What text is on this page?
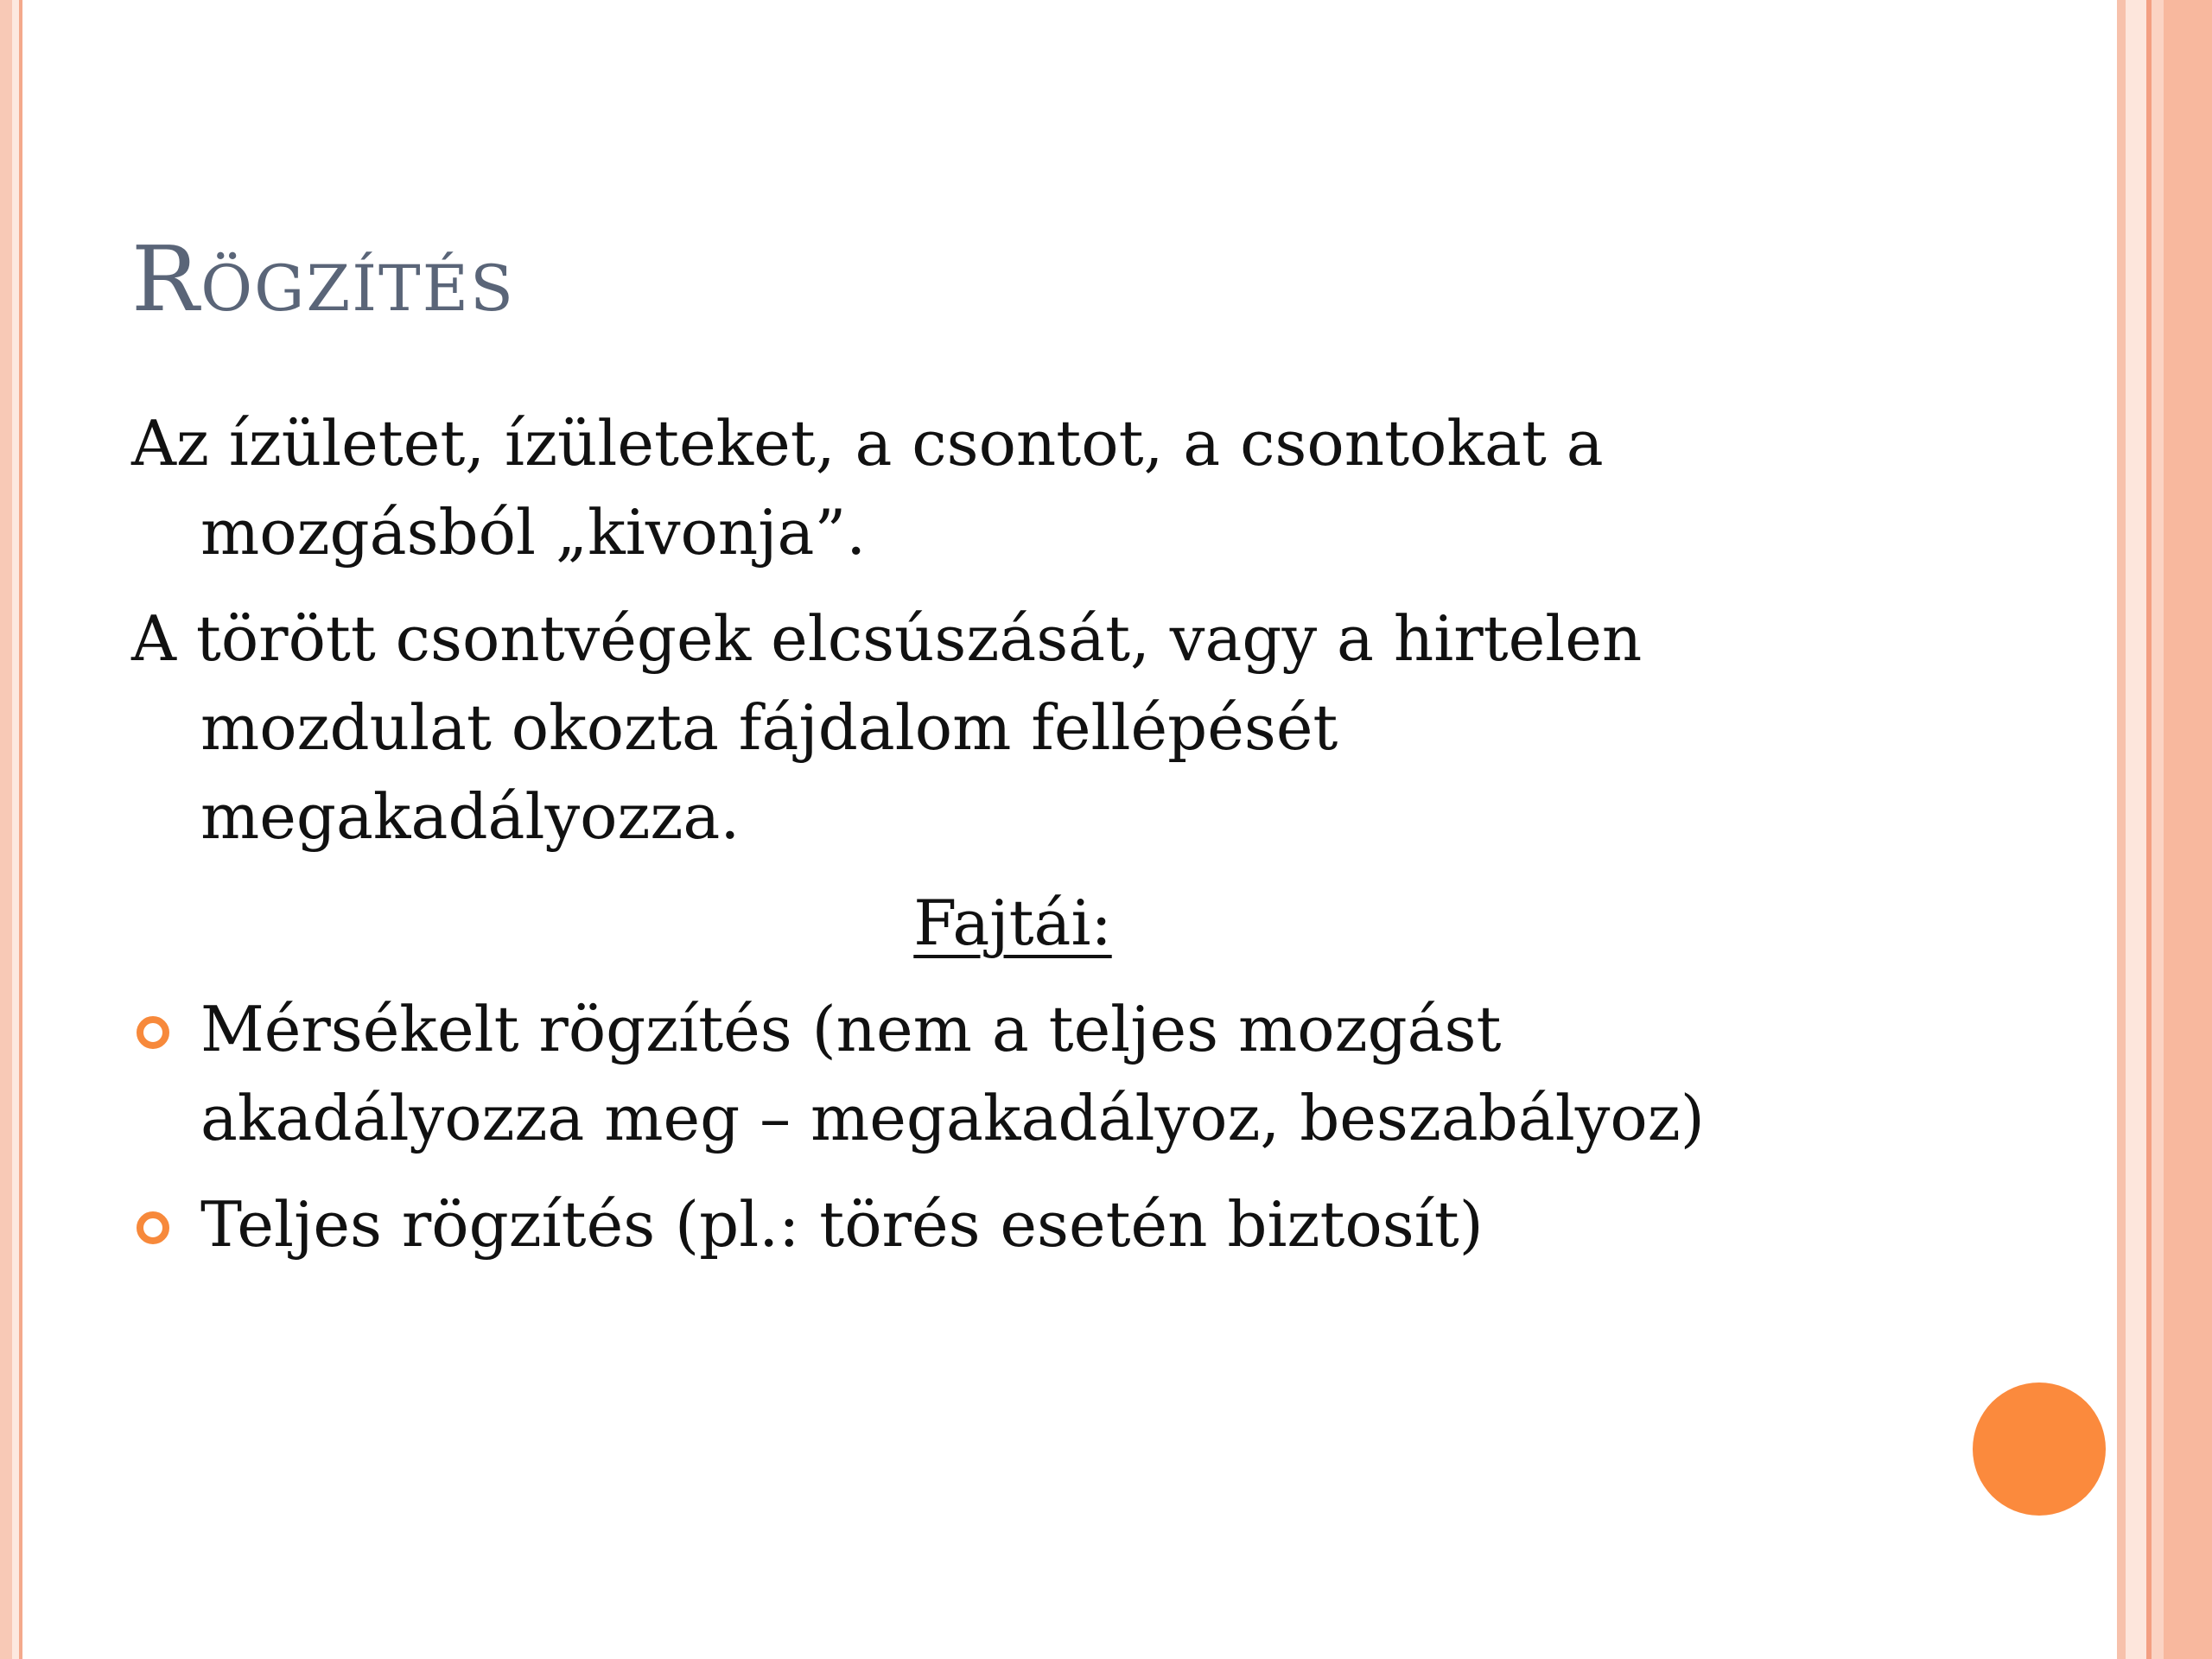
Rögzítés

Az ízületet, ízületeket, a csontot, a csontokat a mozgásból „kivonja”.

A törött csontvégek elcsúszását, vagy a hirtelen mozdulat okozta fájdalom fellépését megakadályozza.

Fajtái:
Mérsékelt rögzítés (nem a teljes mozgást akadályozza meg – megakadályoz, beszabályoz)
Teljes rögzítés (pl.: törés esetén biztosít)
